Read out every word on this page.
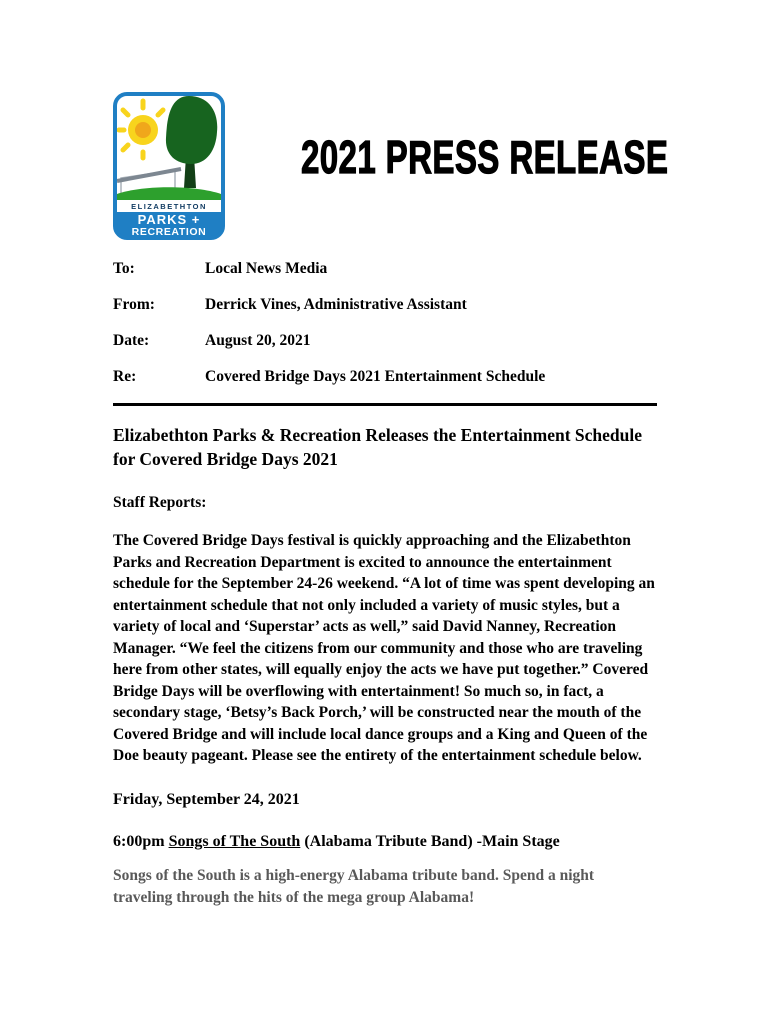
ELIZABETHTON
PARKS +
RECREATION
2021 PRESS RELEASE
To:	Local News Media
From:	Derrick Vines, Administrative Assistant
Date:	August 20, 2021
Re:	Covered Bridge Days 2021 Entertainment Schedule
Elizabethton Parks & Recreation Releases the Entertainment Schedule for Covered Bridge Days 2021

Staff Reports:

The Covered Bridge Days festival is quickly approaching and the Elizabethton Parks and Recreation Department is excited to announce the entertainment schedule for the September 24-26 weekend. “A lot of time was spent developing an entertainment schedule that not only included a variety of music styles, but a variety of local and ‘Superstar’ acts as well,” said David Nanney, Recreation Manager. “We feel the citizens from our community and those who are traveling here from other states, will equally enjoy the acts we have put together.” Covered Bridge Days will be overflowing with entertainment! So much so, in fact, a secondary stage, ‘Betsy’s Back Porch,’ will be constructed near the mouth of the Covered Bridge and will include local dance groups and a King and Queen of the Doe beauty pageant. Please see the entirety of the entertainment schedule below.

Friday, September 24, 2021

6:00pm Songs of The South (Alabama Tribute Band) -Main Stage

Songs of the South is a high-energy Alabama tribute band. Spend a night traveling through the hits of the mega group Alabama!
